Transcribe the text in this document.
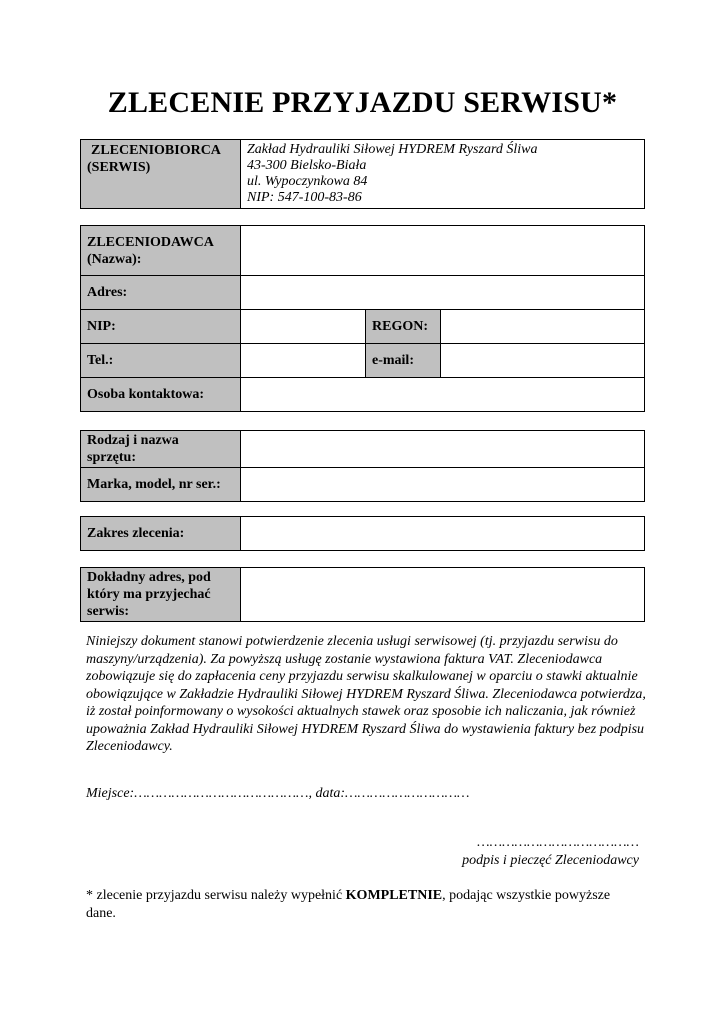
ZLECENIE PRZYJAZDU SERWISU*
ZLECENIOBIORCA
(SERWIS)

Zakład Hydrauliki Siłowej HYDREM Ryszard Śliwa
43-300 Bielsko-Biała
ul. Wypoczynkowa 84
NIP: 547-100-83-86
ZLECENIODAWCA
(Nazwa):

Adres:	
NIP:		REGON:	
Tel.:		e-mail:	
Osoba kontaktowa:	
Rodzaj i nazwa
sprzętu:

Marka, model, nr ser.:	
Zakres zlecenia:	
Dokładny adres, pod
który ma przyjechać
serwis:

Niniejszy dokument stanowi potwierdzenie zlecenia usługi serwisowej (tj. przyjazdu serwisu do maszyny/urządzenia). Za powyższą usługę zostanie wystawiona faktura VAT. Zleceniodawca zobowiązuje się do zapłacenia ceny przyjazdu serwisu skalkulowanej w oparciu o stawki aktualnie obowiązujące w Zakładzie Hydrauliki Siłowej HYDREM Ryszard Śliwa. Zleceniodawca potwierdza, iż został poinformowany o wysokości aktualnych stawek oraz sposobie ich naliczania, jak również upoważnia Zakład Hydrauliki Siłowej HYDREM Ryszard Śliwa do wystawienia faktury bez podpisu Zleceniodawcy.
Miejsce:……………………………………, data:…………………………
…………………………………
podpis i pieczęć Zleceniodawcy
* zlecenie przyjazdu serwisu należy wypełnić KOMPLETNIE, podając wszystkie powyższe dane.
